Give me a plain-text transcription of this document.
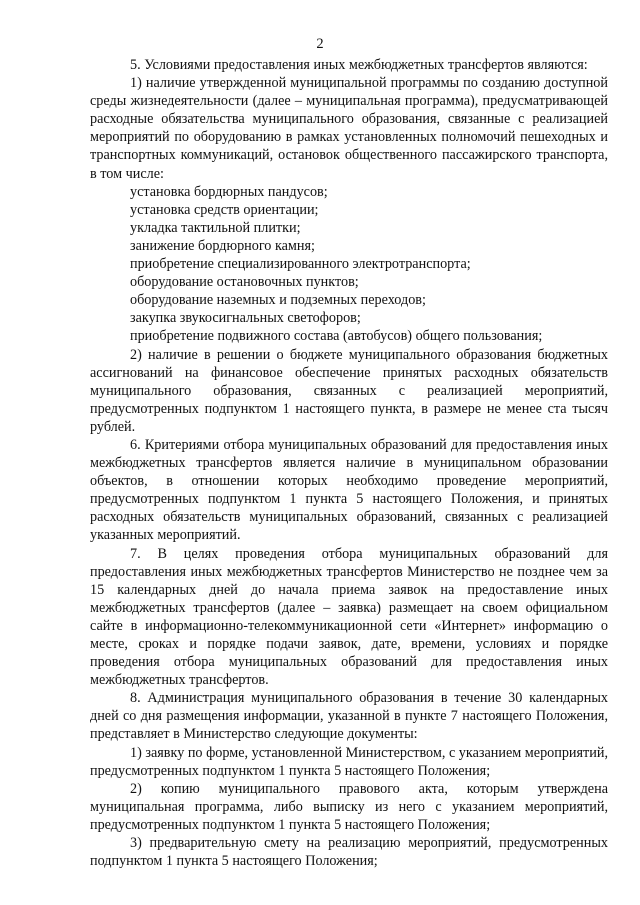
2

5. Условиями предоставления иных межбюджетных трансфертов являются:

1) наличие утвержденной муниципальной программы по созданию доступной среды жизнедеятельности (далее – муниципальная программа), предусматривающей расходные обязательства муниципального образования, связанные с реализацией мероприятий по оборудованию в рамках установленных полномочий пешеходных и транспортных коммуникаций, остановок общественного пассажирского транспорта, в том числе:

установка бордюрных пандусов;

установка средств ориентации;

укладка тактильной плитки;

занижение бордюрного камня;

приобретение специализированного электротранспорта;

оборудование остановочных пунктов;

оборудование наземных и подземных переходов;

закупка звукосигнальных светофоров;

приобретение подвижного состава (автобусов) общего пользования;

2) наличие в решении о бюджете муниципального образования бюджетных ассигнований на финансовое обеспечение принятых расходных обязательств муниципального образования, связанных с реализацией мероприятий, предусмотренных подпунктом 1 настоящего пункта, в размере не менее ста тысяч рублей.

6. Критериями отбора муниципальных образований для предоставления иных межбюджетных трансфертов является наличие в муниципальном образовании объектов, в отношении которых необходимо проведение мероприятий, предусмотренных подпунктом 1 пункта 5 настоящего Положения, и принятых расходных обязательств муниципальных образований, связанных с реализацией указанных мероприятий.

7. В целях проведения отбора муниципальных образований для предоставления иных межбюджетных трансфертов Министерство не позднее чем за 15 календарных дней до начала приема заявок на предоставление иных межбюджетных трансфертов (далее – заявка) размещает на своем официальном сайте в информационно-телекоммуникационной сети «Интернет» информацию о месте, сроках и порядке подачи заявок, дате, времени, условиях и порядке проведения отбора муниципальных образований для предоставления иных межбюджетных трансфертов.

8. Администрация муниципального образования в течение 30 календарных дней со дня размещения информации, указанной в пункте 7 настоящего Положения, представляет в Министерство следующие документы:

1) заявку по форме, установленной Министерством, с указанием мероприятий, предусмотренных подпунктом 1 пункта 5 настоящего Положения;

2) копию муниципального правового акта, которым утверждена муниципальная программа, либо выписку из него с указанием мероприятий, предусмотренных подпунктом 1 пункта 5 настоящего Положения;

3) предварительную смету на реализацию мероприятий, предусмотренных подпунктом 1 пункта 5 настоящего Положения;
